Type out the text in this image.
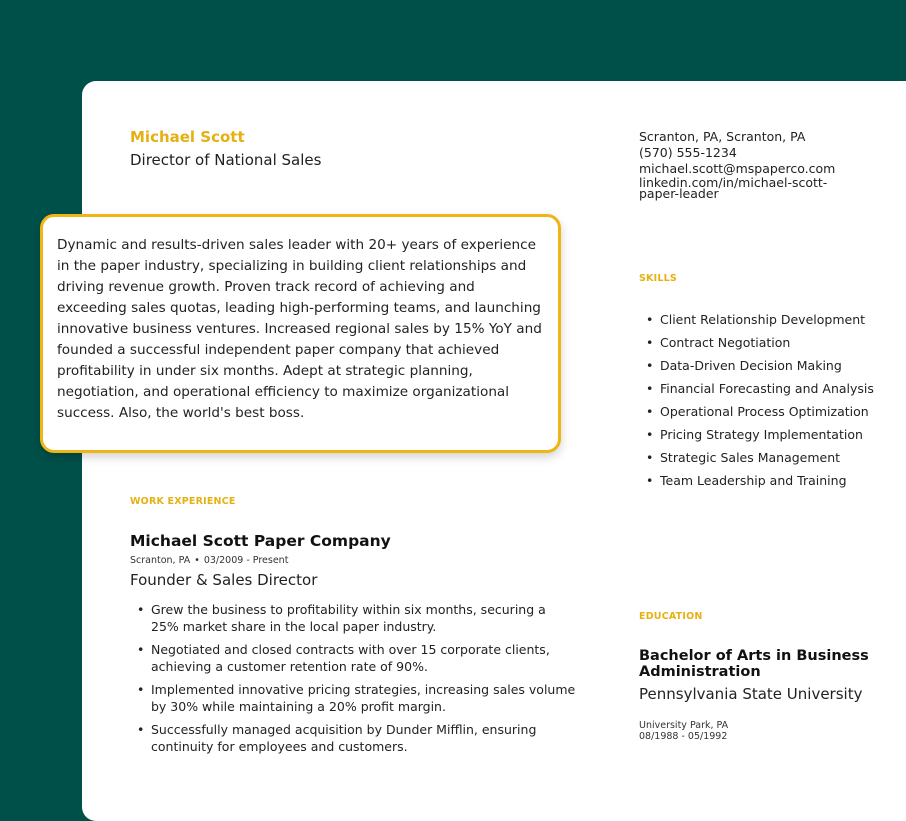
Michael Scott
Director of National Sales
Scranton, PA, Scranton, PA
(570) 555-1234
michael.scott@mspaperco.com
linkedin.com/in/michael-scott-
paper-leader
Dynamic and results-driven sales leader with 20+ years of experience in the paper industry, specializing in building client relationships and driving revenue growth. Proven track record of achieving and exceeding sales quotas, leading high-performing teams, and launching innovative business ventures. Increased regional sales by 15% YoY and founded a successful independent paper company that achieved profitability in under six months. Adept at strategic planning, negotiation, and operational efficiency to maximize organizational success. Also, the world's best boss.
SKILLS
• Client Relationship Development
• Contract Negotiation
• Data-Driven Decision Making
• Financial Forecasting and Analysis
• Operational Process Optimization
• Pricing Strategy Implementation
• Strategic Sales Management
• Team Leadership and Training
WORK EXPERIENCE
Michael Scott Paper Company
Scranton, PA • 03/2009 - Present
Founder & Sales Director
• Grew the business to profitability within six months, securing a 25% market share in the local paper industry.
• Negotiated and closed contracts with over 15 corporate clients, achieving a customer retention rate of 90%.
• Implemented innovative pricing strategies, increasing sales volume by 30% while maintaining a 20% profit margin.
• Successfully managed acquisition by Dunder Mifflin, ensuring continuity for employees and customers.
EDUCATION
Bachelor of Arts in Business Administration
Pennsylvania State University
University Park, PA
08/1988 - 05/1992
